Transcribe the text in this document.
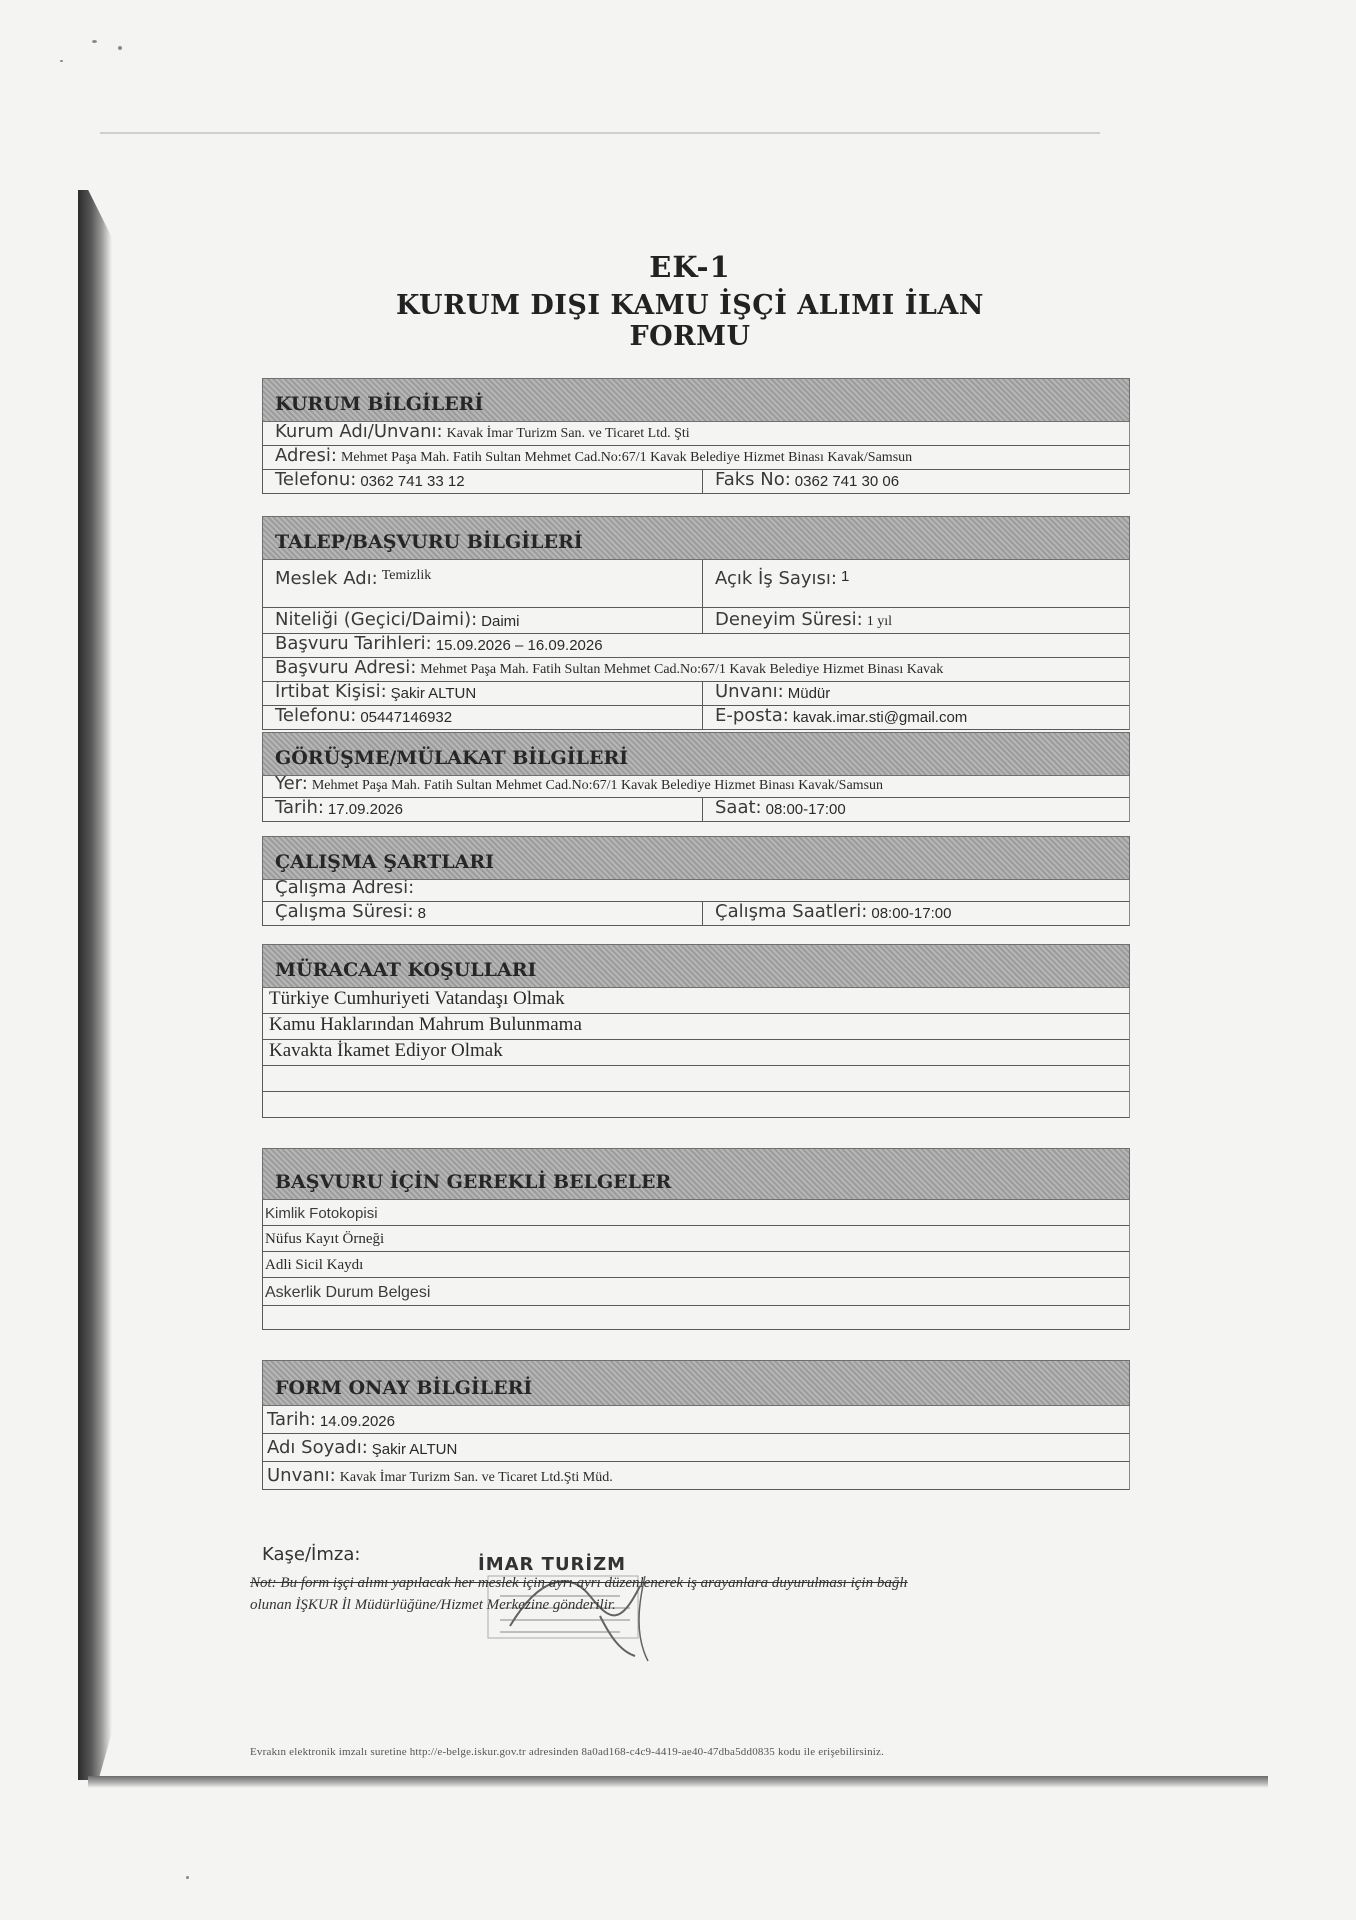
EK-1
KURUM DIŞI KAMU İŞÇİ ALIMI İLAN FORMU
KURUM BİLGİLERİ
Kurum Adı/Unvanı: Kavak İmar Turizm San. ve Ticaret Ltd. Şti
Adresi: Mehmet Paşa Mah. Fatih Sultan Mehmet Cad.No:67/1 Kavak Belediye Hizmet Binası Kavak/Samsun
Telefonu: 0362 741 33 12	Faks No: 0362 741 30 06
TALEP/BAŞVURU BİLGİLERİ
Meslek Adı: Temizlik	Açık İş Sayısı: 1
Niteliği (Geçici/Daimi): Daimi	Deneyim Süresi: 1 yıl
Başvuru Tarihleri: 15.09.2026 – 16.09.2026
Başvuru Adresi: Mehmet Paşa Mah. Fatih Sultan Mehmet Cad.No:67/1 Kavak Belediye Hizmet Binası Kavak
İrtibat Kişisi: Şakir ALTUN	Unvanı: Müdür
Telefonu: 05447146932	E-posta: kavak.imar.sti@gmail.com
GÖRÜŞME/MÜLAKAT BİLGİLERİ
Yer: Mehmet Paşa Mah. Fatih Sultan Mehmet Cad.No:67/1 Kavak Belediye Hizmet Binası Kavak/Samsun
Tarih: 17.09.2026	Saat: 08:00-17:00
ÇALIŞMA ŞARTLARI
Çalışma Adresi:
Çalışma Süresi: 8	Çalışma Saatleri: 08:00-17:00
MÜRACAAT KOŞULLARI
Türkiye Cumhuriyeti Vatandaşı Olmak
Kamu Haklarından Mahrum Bulunmama
Kavakta İkamet Ediyor Olmak
BAŞVURU İÇİN GEREKLİ BELGELER
Kimlik Fotokopisi
Nüfus Kayıt Örneği
Adli Sicil Kaydı
Askerlik Durum Belgesi
FORM ONAY BİLGİLERİ
Tarih: 14.09.2026
Adı Soyadı: Şakir ALTUN
Unvanı: Kavak İmar Turizm San. ve Ticaret Ltd.Şti Müd.
Kaşe/İmza:	İMAR TURİZM
Not: Bu form işçi alımı yapılacak her meslek için ayrı ayrı düzenlenerek iş arayanlara duyurulması için bağlı
olunan İŞKUR İl Müdürlüğüne/Hizmet Merkezine gönderilir.
Evrakın elektronik imzalı suretine http://e-belge.iskur.gov.tr adresinden 8a0ad168-c4c9-4419-ae40-47dba5dd0835 kodu ile erişebilirsiniz.
